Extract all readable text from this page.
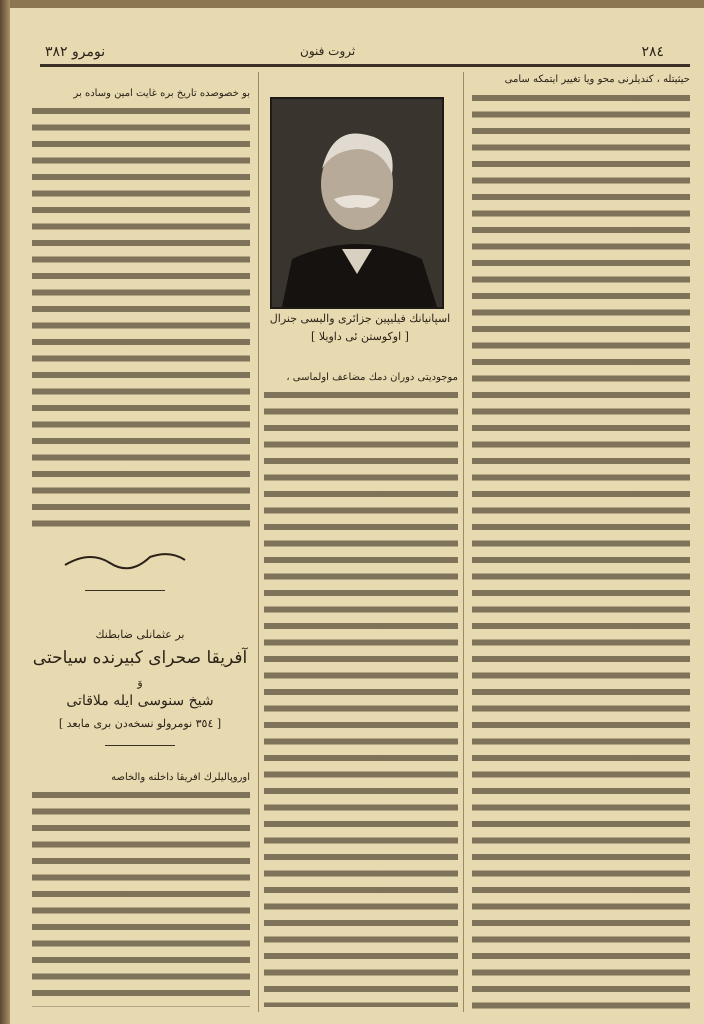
٢٨٤
ثروت فنون
نومرو ٣٨٢
حیثیتله ، کندیلرنی محو ویا تغییر ایتمکه سامی
اسپانیانك فیلیپین جزائری والیسی جنرال
[ اوکوستن ئی داویلا ]
موجودیتی دوران دمك مضاعف اولماسی ،
بو خصوصده تاریخ بره غایت امین وساده بر
بر عثمانلی ضابطنك
آفریقا صحرای کبیرنده سیاحتی
وَ
شیخ سنوسی ایله ملاقاتی
[ ٣٥٤ نومرولو نسخه‌دن برى مابعد ]
اوروپالیلرك افریقا داخلنه والخاصه
